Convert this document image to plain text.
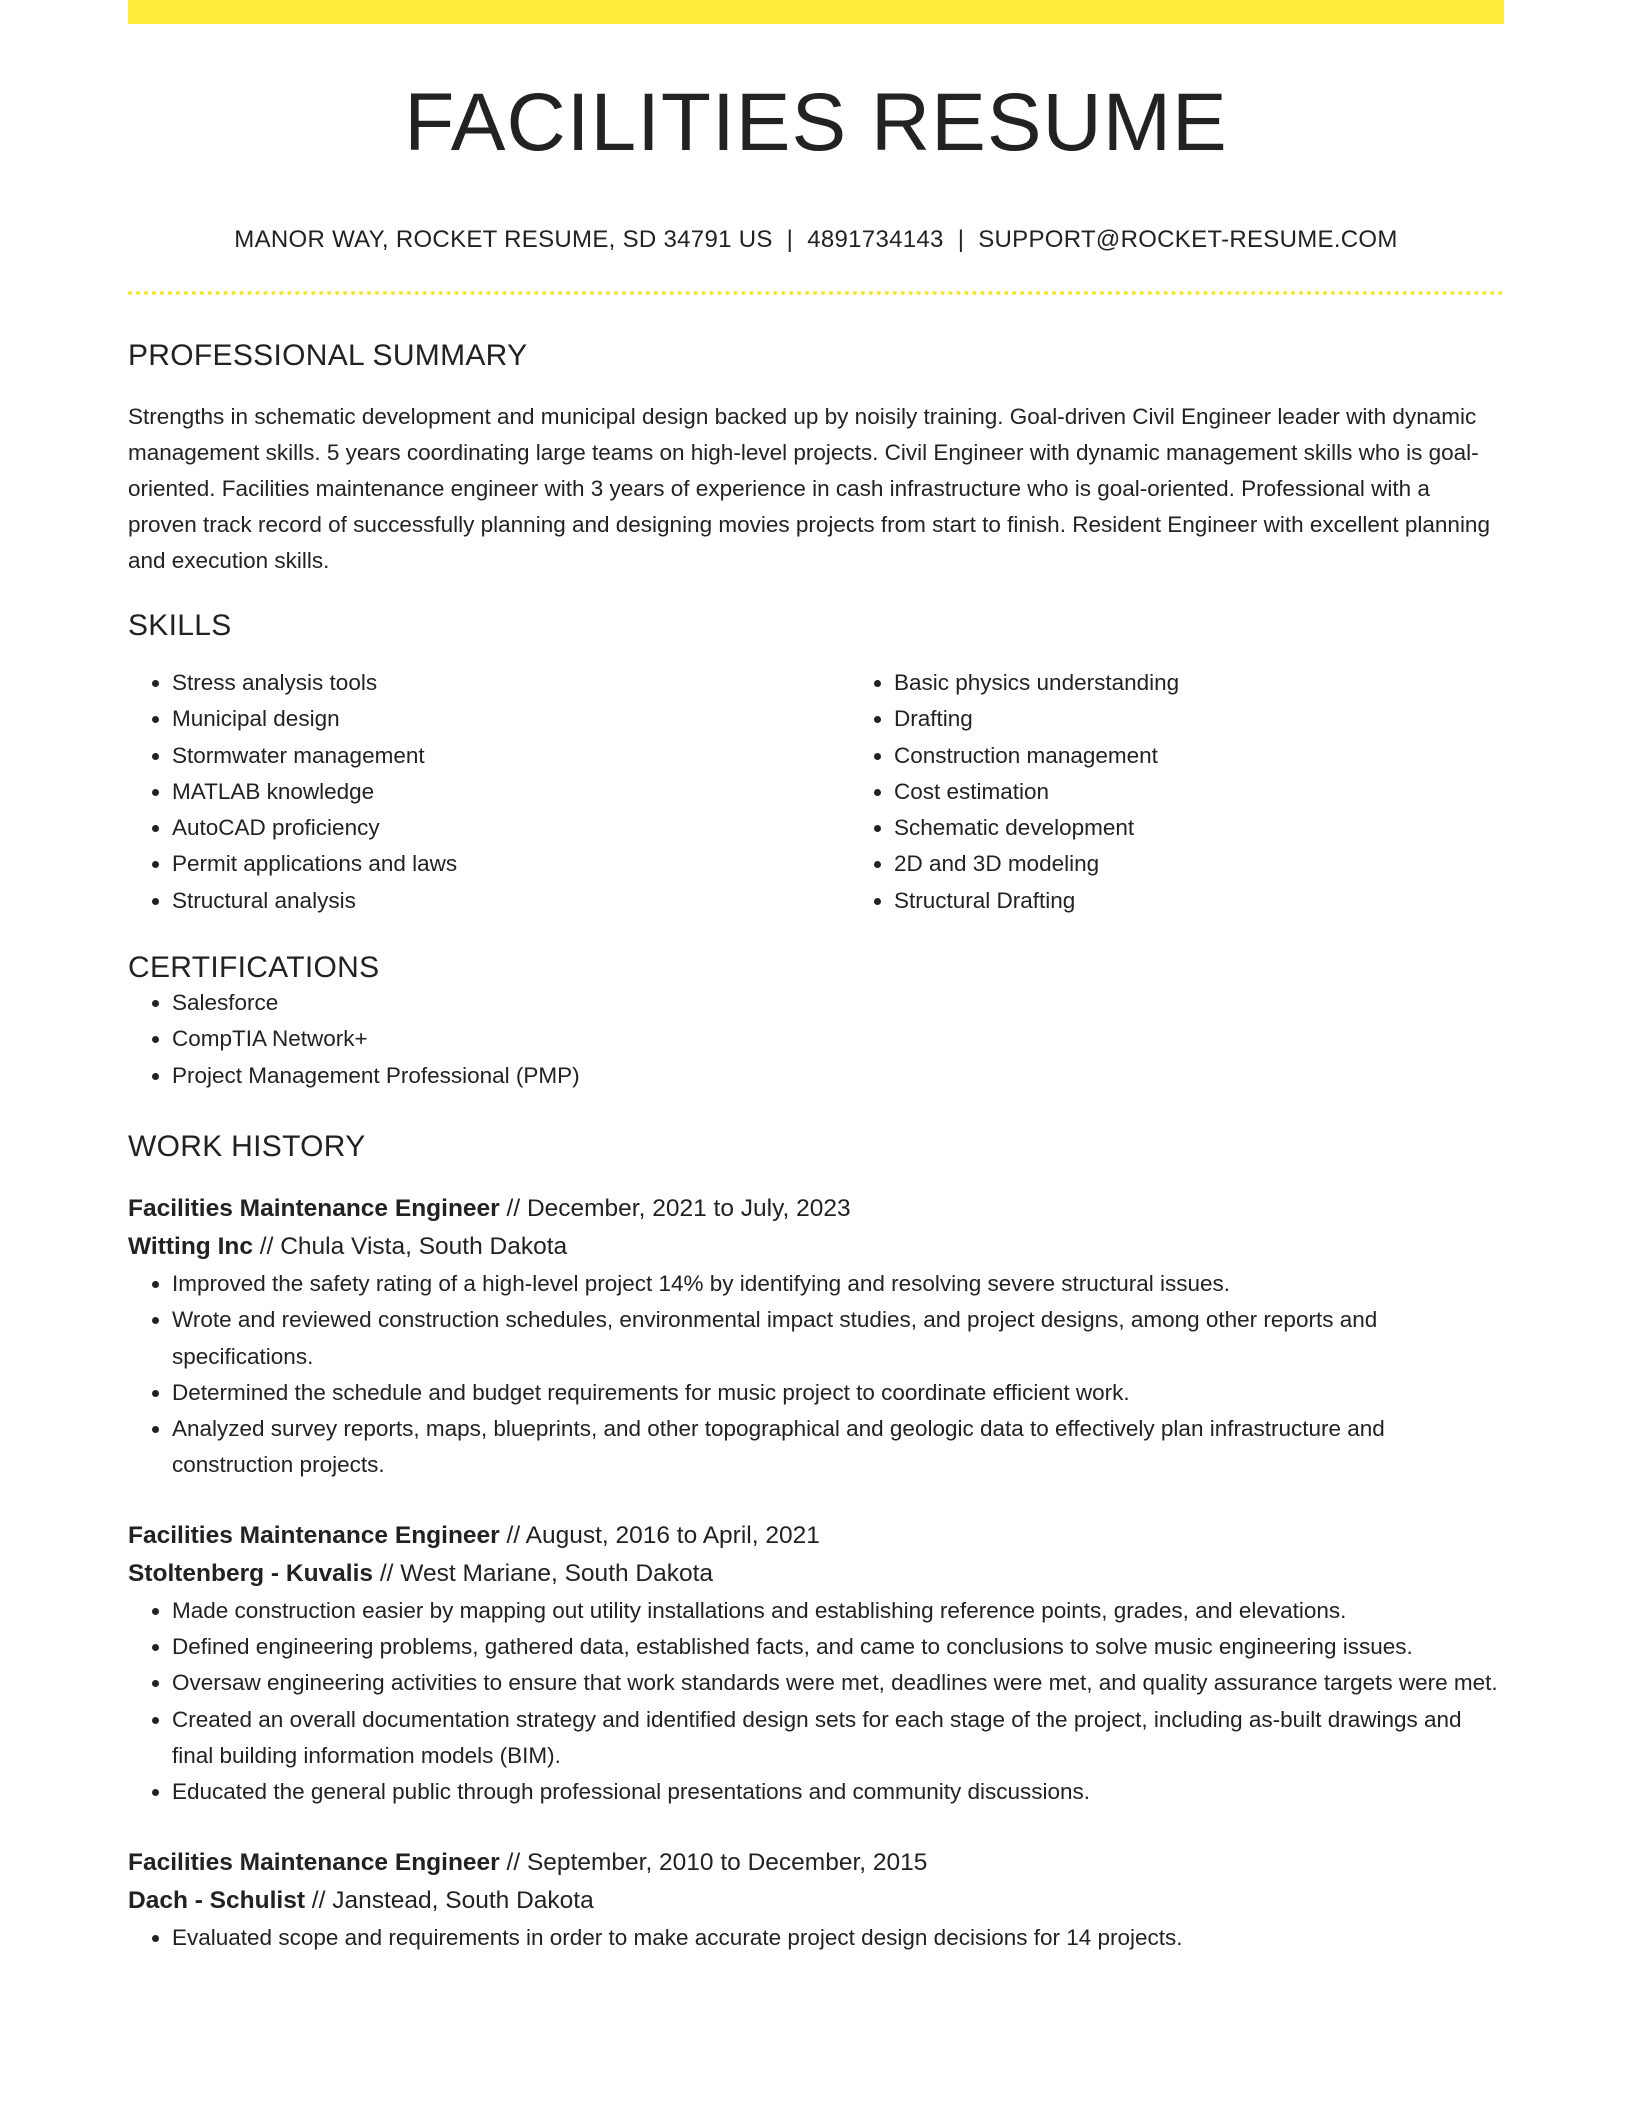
FACILITIES RESUME
MANOR WAY, ROCKET RESUME, SD 34791 US | 4891734143 | SUPPORT@ROCKET-RESUME.COM
PROFESSIONAL SUMMARY
Strengths in schematic development and municipal design backed up by noisily training. Goal-driven Civil Engineer leader with dynamic management skills. 5 years coordinating large teams on high-level projects. Civil Engineer with dynamic management skills who is goal-oriented. Facilities maintenance engineer with 3 years of experience in cash infrastructure who is goal-oriented. Professional with a proven track record of successfully planning and designing movies projects from start to finish. Resident Engineer with excellent planning and execution skills.
SKILLS
• Stress analysis tools
• Municipal design
• Stormwater management
• MATLAB knowledge
• AutoCAD proficiency
• Permit applications and laws
• Structural analysis
• Basic physics understanding
• Drafting
• Construction management
• Cost estimation
• Schematic development
• 2D and 3D modeling
• Structural Drafting
CERTIFICATIONS
• Salesforce
• CompTIA Network+
• Project Management Professional (PMP)
WORK HISTORY
Facilities Maintenance Engineer // December, 2021 to July, 2023
Witting Inc // Chula Vista, South Dakota
• Improved the safety rating of a high-level project 14% by identifying and resolving severe structural issues.
• Wrote and reviewed construction schedules, environmental impact studies, and project designs, among other reports and specifications.
• Determined the schedule and budget requirements for music project to coordinate efficient work.
• Analyzed survey reports, maps, blueprints, and other topographical and geologic data to effectively plan infrastructure and construction projects.
Facilities Maintenance Engineer // August, 2016 to April, 2021
Stoltenberg - Kuvalis // West Mariane, South Dakota
• Made construction easier by mapping out utility installations and establishing reference points, grades, and elevations.
• Defined engineering problems, gathered data, established facts, and came to conclusions to solve music engineering issues.
• Oversaw engineering activities to ensure that work standards were met, deadlines were met, and quality assurance targets were met.
• Created an overall documentation strategy and identified design sets for each stage of the project, including as-built drawings and final building information models (BIM).
• Educated the general public through professional presentations and community discussions.
Facilities Maintenance Engineer // September, 2010 to December, 2015
Dach - Schulist // Janstead, South Dakota
• Evaluated scope and requirements in order to make accurate project design decisions for 14 projects.
